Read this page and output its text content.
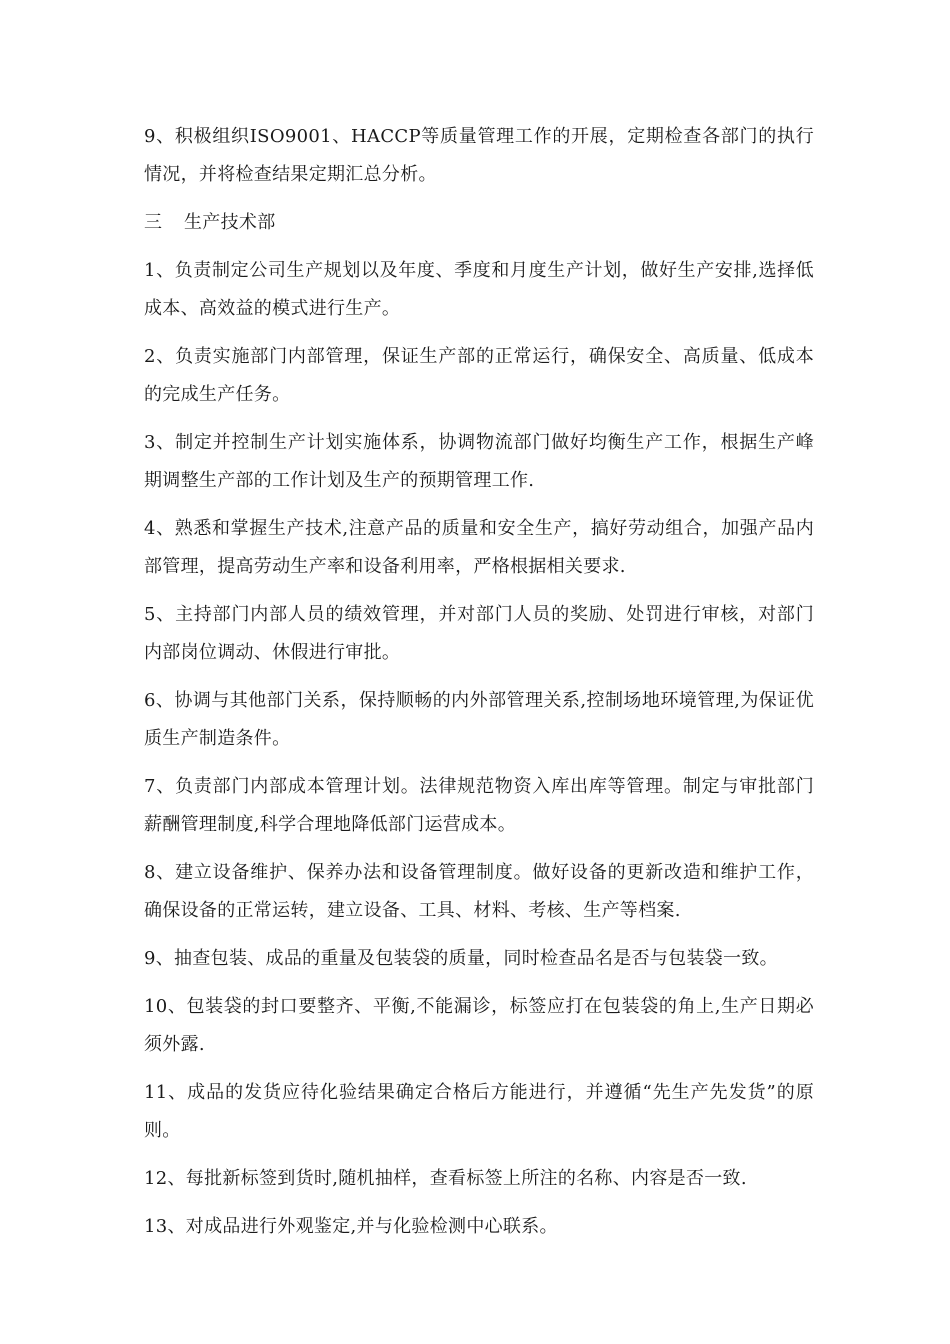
9、积极组织ISO9001、HACCP等质量管理工作的开展，定期检查各部门的执行情况，并将检查结果定期汇总分析。

三 生产技术部

1、负责制定公司生产规划以及年度、季度和月度生产计划，做好生产安排,选择低成本、高效益的模式进行生产。

2、负责实施部门内部管理，保证生产部的正常运行，确保安全、高质量、低成本的完成生产任务。

3、制定并控制生产计划实施体系，协调物流部门做好均衡生产工作，根据生产峰期调整生产部的工作计划及生产的预期管理工作.

4、熟悉和掌握生产技术,注意产品的质量和安全生产，搞好劳动组合，加强产品内部管理，提高劳动生产率和设备利用率，严格根据相关要求.

5、主持部门内部人员的绩效管理，并对部门人员的奖励、处罚进行审核，对部门内部岗位调动、休假进行审批。

6、协调与其他部门关系，保持顺畅的内外部管理关系,控制场地环境管理,为保证优质生产制造条件。

7、负责部门内部成本管理计划。法律规范物资入库出库等管理。制定与审批部门薪酬管理制度,科学合理地降低部门运营成本。

8、建立设备维护、保养办法和设备管理制度。做好设备的更新改造和维护工作，确保设备的正常运转，建立设备、工具、材料、考核、生产等档案.

9、抽查包装、成品的重量及包装袋的质量，同时检查品名是否与包装袋一致。

10、包装袋的封口要整齐、平衡,不能漏诊，标签应打在包装袋的角上,生产日期必须外露.

11、成品的发货应待化验结果确定合格后方能进行，并遵循“先生产先发货”的原则。

12、每批新标签到货时,随机抽样，查看标签上所注的名称、内容是否一致.

13、对成品进行外观鉴定,并与化验检测中心联系。
